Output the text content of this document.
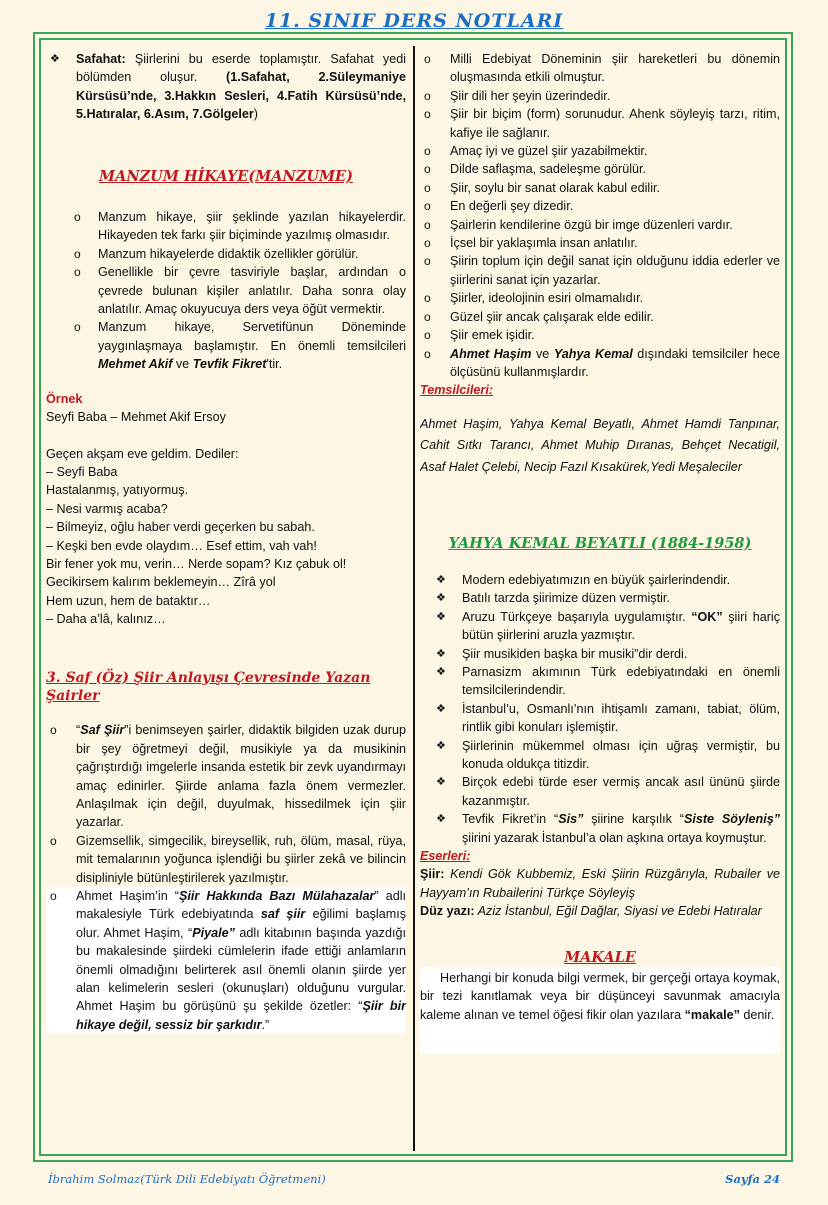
11. SINIF DERS NOTLARI
❖ Safahat: Şiirlerini bu eserde toplamıştır. Safahat yedi bölümden oluşur. (1.Safahat, 2.Süleymaniye Kürsüsü’nde, 3.Hakkın Sesleri, 4.Fatih Kürsüsü’nde, 5.Hatıralar, 6.Asım, 7.Gölgeler)
MANZUM HİKAYE(MANZUME)
o Manzum hikaye, şiir şeklinde yazılan hikayelerdir. Hikayeden tek farkı şiir biçiminde yazılmış olmasıdır.
o Manzum hikayelerde didaktik özellikler görülür.
o Genellikle bir çevre tasviriyle başlar, ardından o çevrede bulunan kişiler anlatılır. Daha sonra olay anlatılır. Amaç okuyucuya ders veya öğüt vermektir.
o Manzum hikaye, Servetifünun Döneminde yaygınlaşmaya başlamıştır. En önemli temsilcileri Mehmet Akif ve Tevfik Fikret'tir.

Örnek

Seyfi Baba – Mehmet Akif Ersoy

Geçen akşam eve geldim. Dediler:
– Seyfi Baba
Hastalanmış, yatıyormuş.
– Nesi varmış acaba?
– Bilmeyiz, oğlu haber verdi geçerken bu sabah.
– Keşki ben evde olaydım… Esef ettim, vah vah!
Bir fener yok mu, verin… Nerde sopam? Kız çabuk ol!
Gecikirsem kalırım beklemeyin… Zîrâ yol
Hem uzun, hem de bataktır…
– Daha a’lâ, kalınız…
3. Saf (Öz) Şiir Anlayışı Çevresinde Yazan Şairler
o “Saf Şiir”i benimseyen şairler, didaktik bilgiden uzak durup bir şey öğretmeyi değil, musikiyle ya da musikinin çağrıştırdığı imgelerle insanda estetik bir zevk uyandırmayı amaç edinirler. Şiirde anlama fazla önem vermezler. Anlaşılmak için değil, duyulmak, hissedilmek için şiir yazarlar.
o Gizemsellik, simgecilik, bireysellik, ruh, ölüm, masal, rüya, mit temalarının yoğunca işlendiği bu şiirler zekâ ve bilincin disipliniyle bütünleştirilerek yazılmıştır.
o Ahmet Haşim’in “Şiir Hakkında Bazı Mülahazalar” adlı makalesiyle Türk edebiyatında saf şiir eğilimi başlamış olur. Ahmet Haşim, “Piyale” adlı kitabının başında yazdığı bu makalesinde şiirdeki cümlelerin ifade ettiği anlamların önemli olmadığını belirterek asıl önemli olanın şiirde yer alan kelimelerin sesleri (okunuşları) olduğunu vurgular. Ahmet Haşim bu görüşünü şu şekilde özetler: “Şiir bir hikaye değil, sessiz bir şarkıdır.”
o Milli Edebiyat Döneminin şiir hareketleri bu dönemin oluşmasında etkili olmuştur.
o Şiir dili her şeyin üzerindedir.
o Şiir bir biçim (form) sorunudur. Ahenk söyleyiş tarzı, ritim, kafiye ile sağlanır.
o Amaç iyi ve güzel şiir yazabilmektir.
o Dilde saflaşma, sadeleşme görülür.
o Şiir, soylu bir sanat olarak kabul edilir.
o En değerli şey dizedir.
o Şairlerin kendilerine özgü bir imge düzenleri vardır.
o İçsel bir yaklaşımla insan anlatılır.
o Şiirin toplum için değil sanat için olduğunu iddia ederler ve şiirlerini sanat için yazarlar.
o Şiirler, ideolojinin esiri olmamalıdır.
o Güzel şiir ancak çalışarak elde edilir.
o Şiir emek işidir.
o Ahmet Haşim ve Yahya Kemal dışındaki temsilciler hece ölçüsünü kullanmışlardır.

Temsilcileri:

Ahmet Haşim, Yahya Kemal Beyatlı, Ahmet Hamdi Tanpınar, Cahit Sıtkı Tarancı, Ahmet Muhip Dıranas, Behçet Necatigil, Asaf Halet Çelebi, Necip Fazıl Kısakürek,Yedi Meşaleciler

YAHYA KEMAL BEYATLI (1884-1958)
❖ Modern edebiyatımızın en büyük şairlerindendir.
❖ Batılı tarzda şiirimize düzen vermiştir.
❖ Aruzu Türkçeye başarıyla uygulamıştır. “OK” şiiri hariç bütün şiirlerini aruzla yazmıştır.
❖ Şiir musikiden başka bir musiki”dir derdi.
❖ Parnasizm akımının Türk edebiyatındaki en önemli temsilcilerindendir.
❖ İstanbul’u, Osmanlı’nın ihtişamlı zamanı, tabiat, ölüm, rintlik gibi konuları işlemiştir.
❖ Şiirlerinin mükemmel olması için uğraş vermiştir, bu konuda oldukça titizdir.
❖ Birçok edebi türde eser vermiş ancak asıl ününü şiirde kazanmıştır.
❖ Tevfik Fikret’in “Sis” şiirine karşılık “Siste Söyleniş” şiirini yazarak İstanbul’a olan aşkına ortaya koymuştur.

Eserleri:

Şiir: Kendi Gök Kubbemiz, Eski Şiirin Rüzgârıyla, Rubailer ve Hayyam’ın Rubailerini Türkçe Söyleyiş

Düz yazı: Aziz İstanbul, Eğil Dağlar, Siyasi ve Edebi Hatıralar

MAKALE

Herhangi bir konuda bilgi vermek, bir gerçeği ortaya koymak, bir tezi kanıtlamak veya bir düşünceyi savunmak amacıyla kaleme alınan ve temel öğesi fikir olan yazılara “makale” denir.

İbrahim Solmaz(Türk Dili Edebiyatı Öğretmeni)	Sayfa 24
